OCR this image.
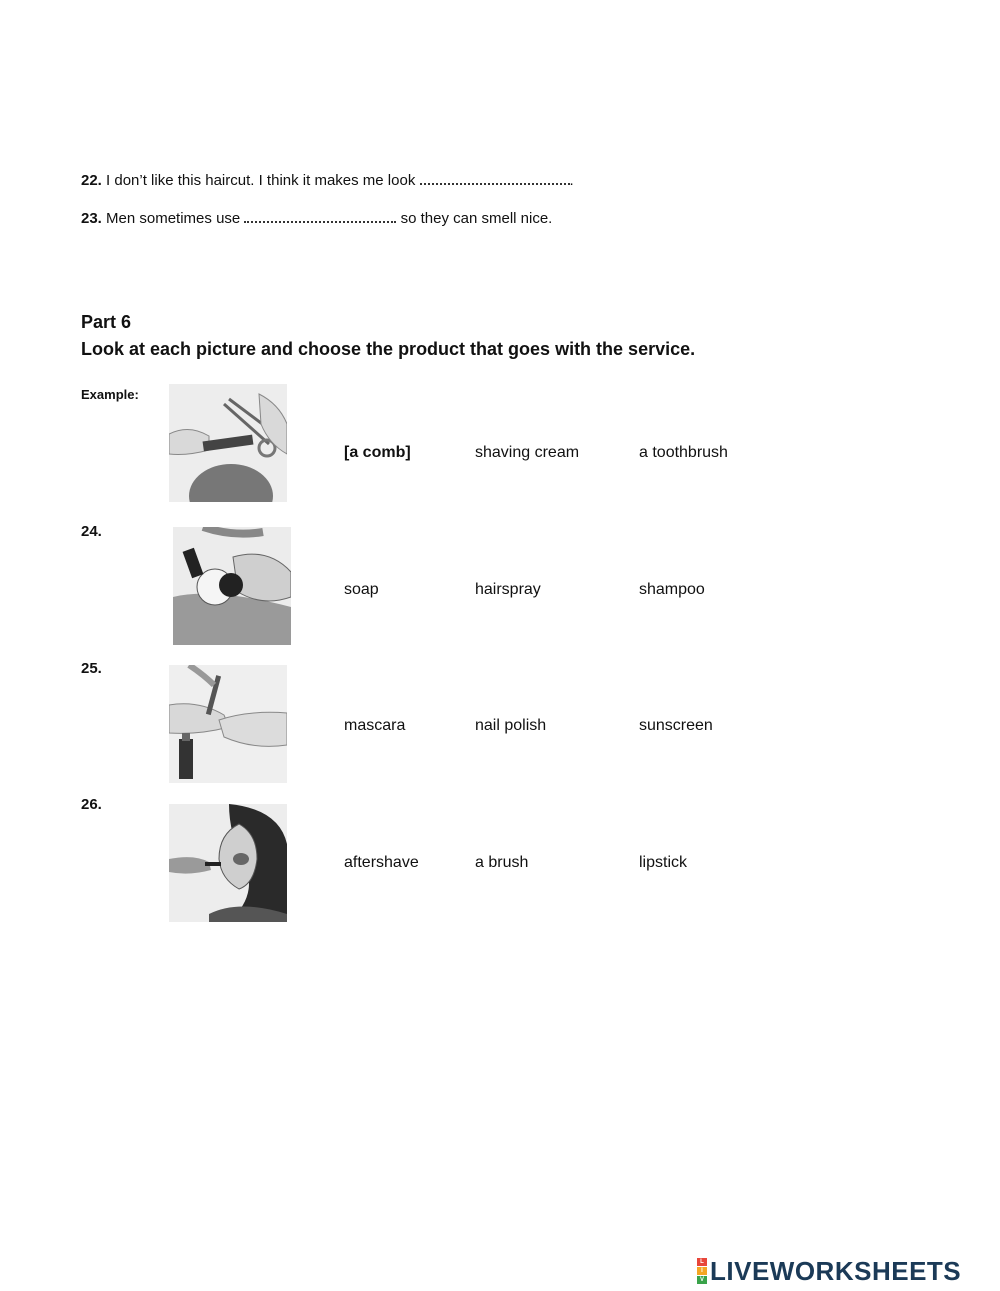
22. I don’t like this haircut. I think it makes me look	.
23. Men sometimes use	so they can smell nice.
Part 6
Look at each picture and choose the product that goes with the service.
Example:
[a comb]	shaving cream	a toothbrush
24.
soap	hairspray	shampoo
25.
mascara	nail polish	sunscreen
26.
aftershave	a brush	lipstick
L
I
V LIVEWORKSHEETS
